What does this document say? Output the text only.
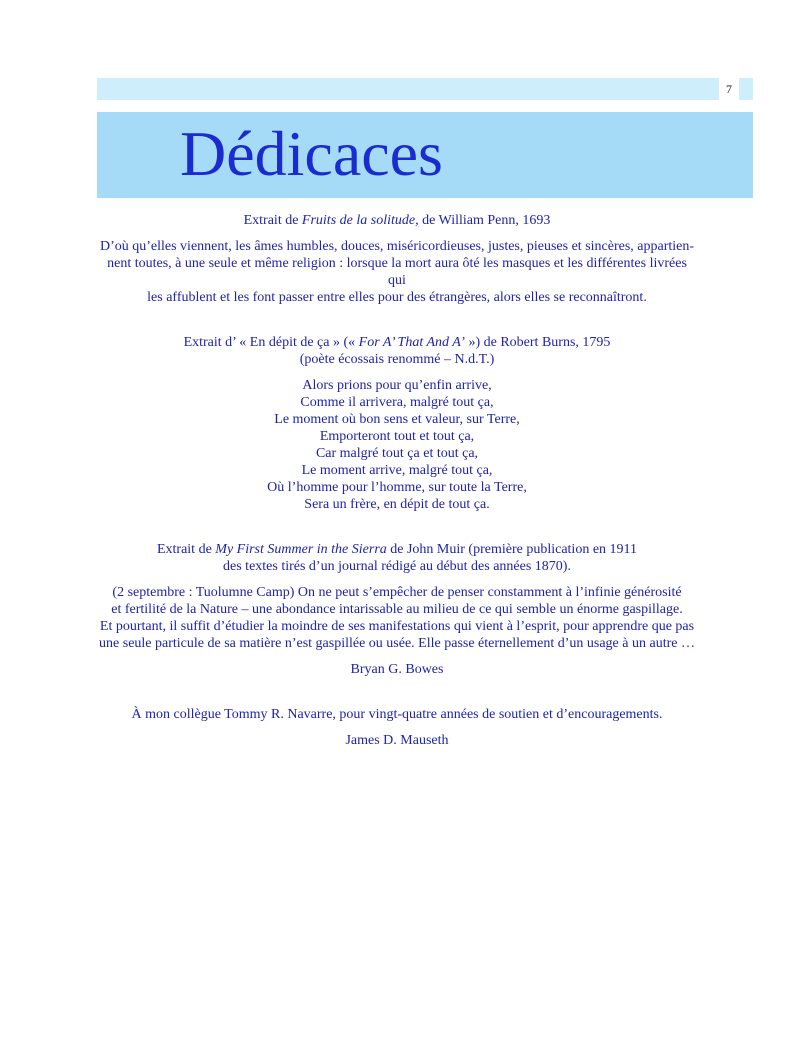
7
Dédicaces

Extrait de Fruits de la solitude, de William Penn, 1693

D’où qu’elles viennent, les âmes humbles, douces, miséricordieuses, justes, pieuses et sincères, appartien-

nent toutes, à une seule et même religion : lorsque la mort aura ôté les masques et les différentes livrées qui

les affublent et les font passer entre elles pour des étrangères, alors elles se reconnaîtront.

Extrait d’ « En dépit de ça » (« For A’ That And A’ ») de Robert Burns, 1795

(poète écossais renommé – N.d.T.)

Alors prions pour qu’enfin arrive,

Comme il arrivera, malgré tout ça,

Le moment où bon sens et valeur, sur Terre,

Emporteront tout et tout ça,

Car malgré tout ça et tout ça,

Le moment arrive, malgré tout ça,

Où l’homme pour l’homme, sur toute la Terre,

Sera un frère, en dépit de tout ça.

Extrait de My First Summer in the Sierra de John Muir (première publication en 1911

des textes tirés d’un journal rédigé au début des années 1870).

(2 septembre : Tuolumne Camp) On ne peut s’empêcher de penser constamment à l’infinie générosité

et fertilité de la Nature – une abondance intarissable au milieu de ce qui semble un énorme gaspillage.

Et pourtant, il suffit d’étudier la moindre de ses manifestations qui vient à l’esprit, pour apprendre que pas

une seule particule de sa matière n’est gaspillée ou usée. Elle passe éternellement d’un usage à un autre …

Bryan G. Bowes

À mon collègue Tommy R. Navarre, pour vingt-quatre années de soutien et d’encouragements.

James D. Mauseth
